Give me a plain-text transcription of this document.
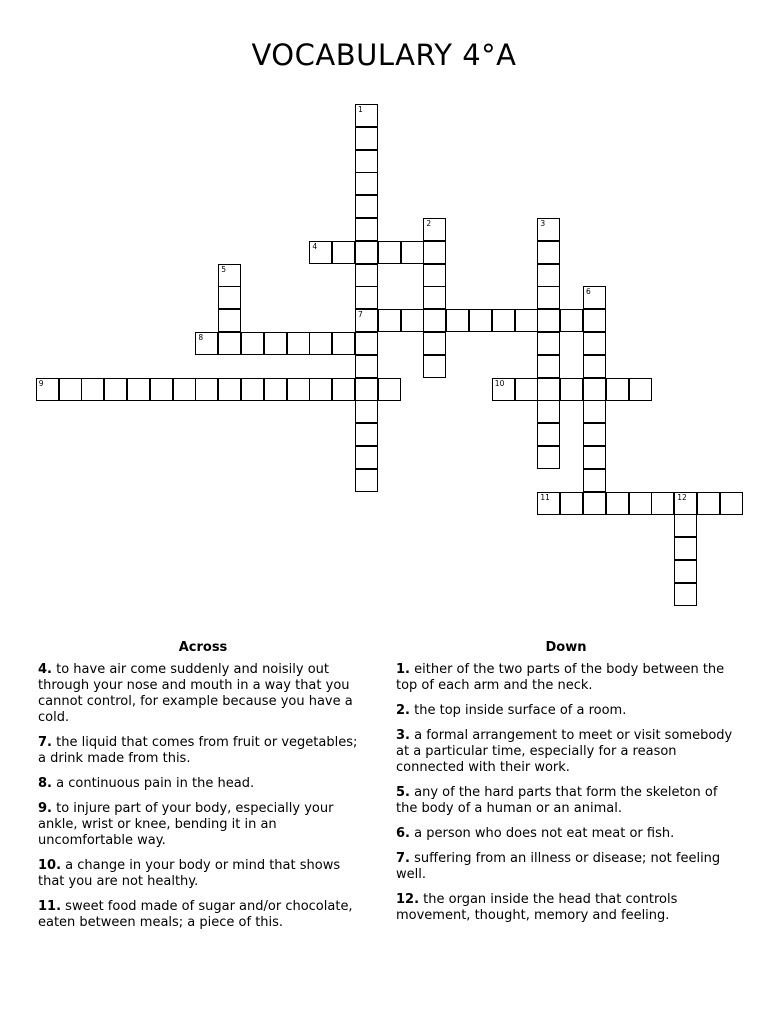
VOCABULARY 4°A
1
2	3
4
5
6
7
8
9	10
11	12
Across
4. to have air come suddenly and noisily out through your nose and mouth in a way that you cannot control, for example because you have a cold.
7. the liquid that comes from fruit or vegetables; a drink made from this.
8. a continuous pain in the head.
9. to injure part of your body, especially your ankle, wrist or knee, bending it in an uncomfortable way.
10. a change in your body or mind that shows that you are not healthy.
11. sweet food made of sugar and/or chocolate, eaten between meals; a piece of this.
Down
1. either of the two parts of the body between the top of each arm and the neck.
2. the top inside surface of a room.
3. a formal arrangement to meet or visit somebody at a particular time, especially for a reason connected with their work.
5. any of the hard parts that form the skeleton of the body of a human or an animal.
6. a person who does not eat meat or fish.
7. suffering from an illness or disease; not feeling well.
12. the organ inside the head that controls movement, thought, memory and feeling.
